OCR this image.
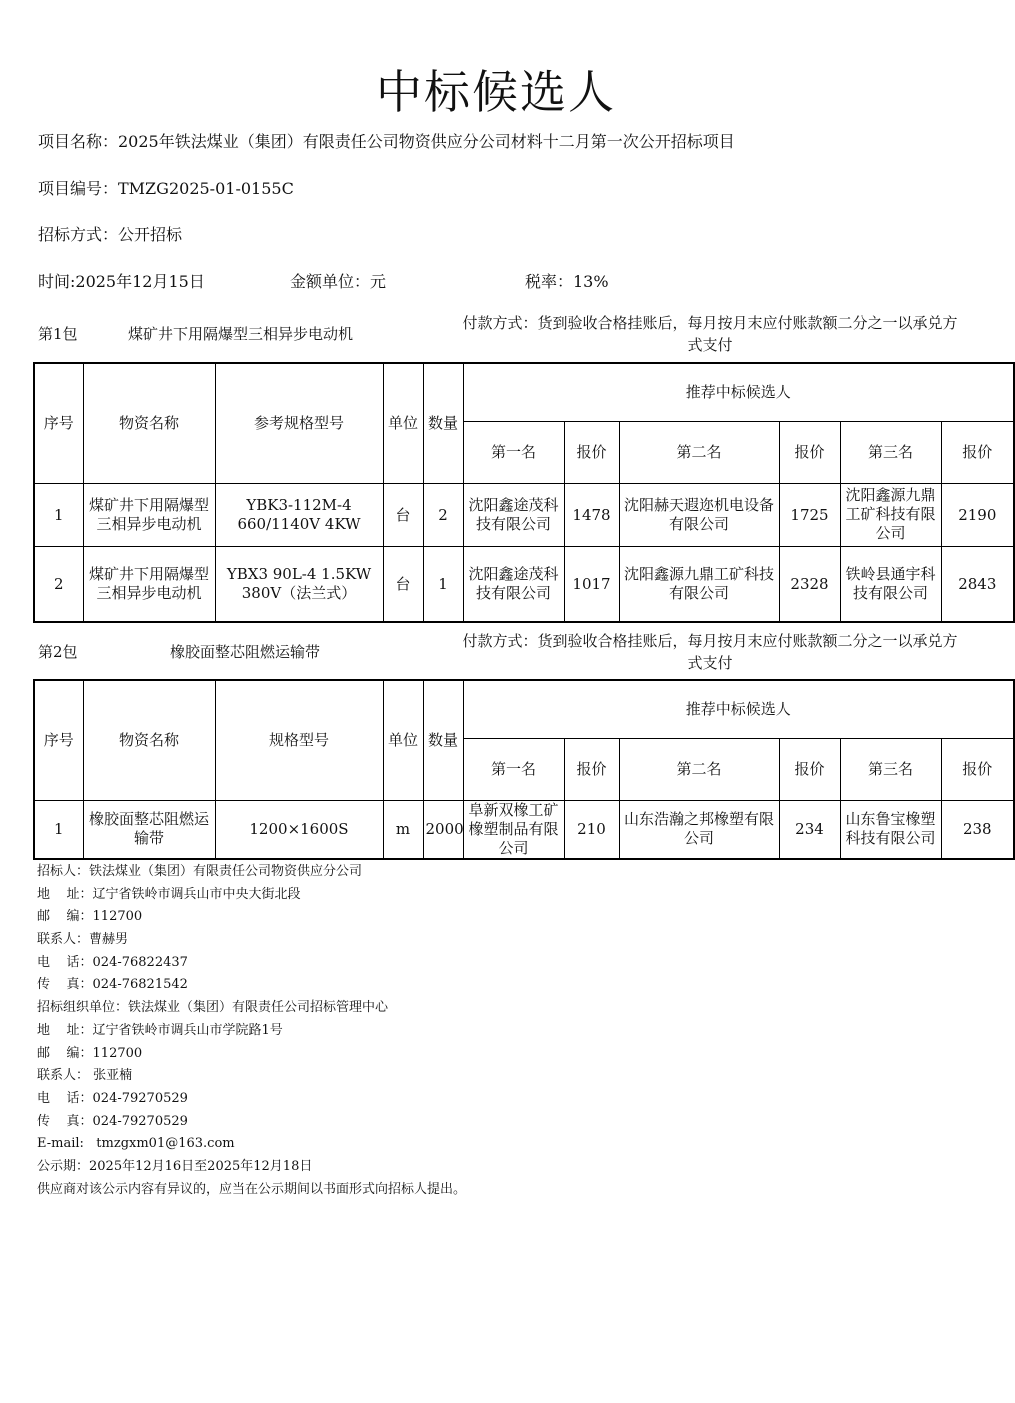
中标候选人
项目名称：2025年铁法煤业（集团）有限责任公司物资供应分公司材料十二月第一次公开招标项目
项目编号：TMZG2025-01-0155C
招标方式：公开招标
时间:2025年12月15日	金额单位：元	税率：13%
第1包	煤矿井下用隔爆型三相异步电动机
付款方式：货到验收合格挂账后，每月按月末应付账款额二分之一以承兑方式支付
序号	物资名称	参考规格型号	单位	数量	推荐中标候选人					
					第一名	报价	第二名	报价	第三名	报价
1	煤矿井下用隔爆型三相异步电动机	YBK3-112M-4 660/1140V 4KW	台	2	沈阳鑫途茂科技有限公司	1478	沈阳赫天遐迩机电设备有限公司	1725	沈阳鑫源九鼎工矿科技有限公司	2190
2	煤矿井下用隔爆型三相异步电动机	YBX3 90L-4 1.5KW 380V（法兰式）	台	1	沈阳鑫途茂科技有限公司	1017	沈阳鑫源九鼎工矿科技有限公司	2328	铁岭县通宇科技有限公司	2843
第2包	橡胶面整芯阻燃运输带
付款方式：货到验收合格挂账后，每月按月末应付账款额二分之一以承兑方式支付
序号	物资名称	规格型号	单位	数量	推荐中标候选人					
					第一名	报价	第二名	报价	第三名	报价
1	橡胶面整芯阻燃运输带	1200×1600S	m	2000	阜新双橡工矿橡塑制品有限公司	210	山东浩瀚之邦橡塑有限公司	234	山东鲁宝橡塑科技有限公司	238
招标人：铁法煤业（集团）有限责任公司物资供应分公司
地    址：辽宁省铁岭市调兵山市中央大街北段
邮    编：112700
联系人：曹赫男
电    话：024-76822437
传    真：024-76821542
招标组织单位：铁法煤业（集团）有限责任公司招标管理中心
地    址：辽宁省铁岭市调兵山市学院路1号
邮    编：112700
联系人： 张亚楠
电    话：024-79270529
传    真：024-79270529
E-mail:   tmzgxm01@163.com
公示期：2025年12月16日至2025年12月18日
供应商对该公示内容有异议的，应当在公示期间以书面形式向招标人提出。
